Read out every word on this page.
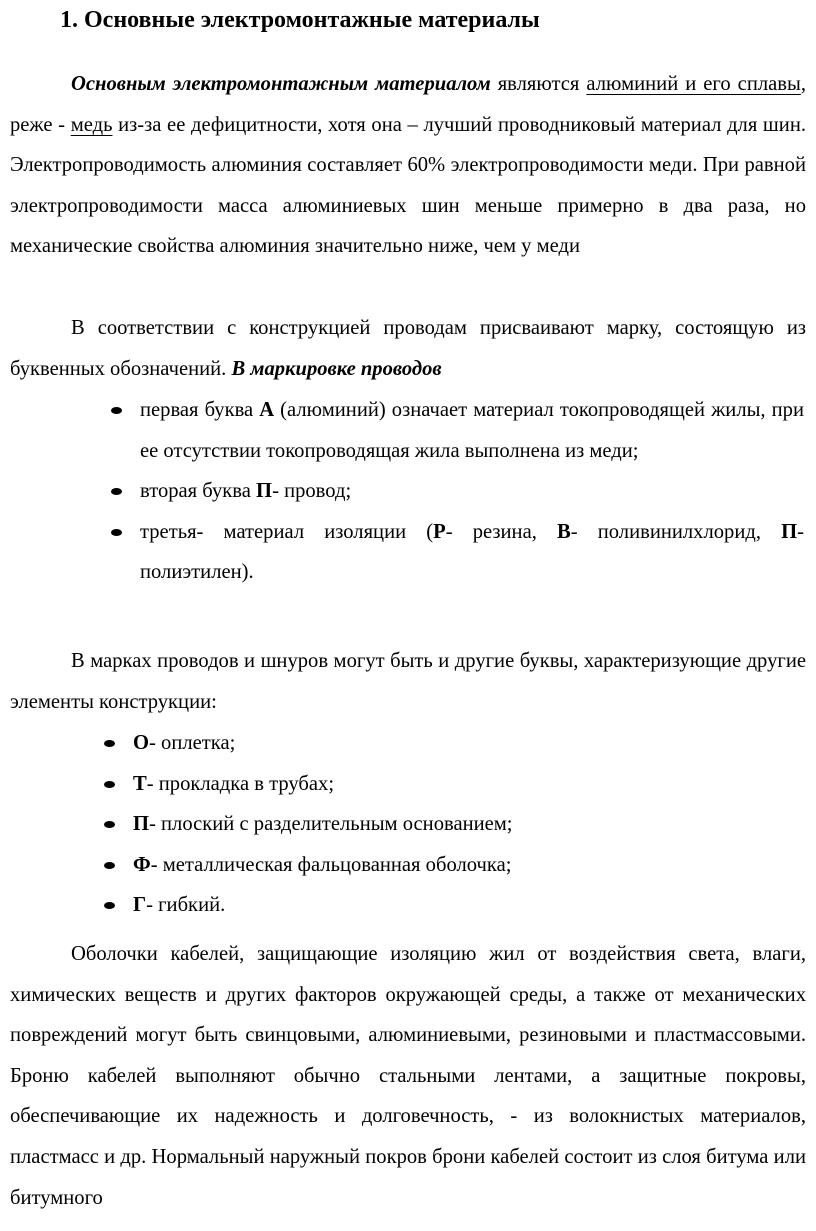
1. Основные электромонтажные материалы

Основным электромонтажным материалом являются алюминий и его сплавы, реже - медь из-за ее дефицитности, хотя она – лучший проводниковый материал для шин. Электропроводимость алюминия составляет 60% электропроводимости меди. При равной электропроводимости масса алюминиевых шин меньше примерно в два раза, но механические свойства алюминия значительно ниже, чем у меди

В соответствии с конструкцией проводам присваивают марку, состоящую из буквенных обозначений. В маркировке проводов

первая буква А (алюминий) означает материал токопроводящей жилы, при ее отсутствии токопроводящая жила выполнена из меди;
вторая буква П- провод;
третья- материал изоляции (Р- резина, В- поливинилхлорид, П- полиэтилен).

В марках проводов и шнуров могут быть и другие буквы, характеризующие другие элементы конструкции:

О- оплетка;
Т- прокладка в трубах;
П- плоский с разделительным основанием;
Ф- металлическая фальцованная оболочка;
Г- гибкий.

Оболочки кабелей, защищающие изоляцию жил от воздействия света, влаги, химических веществ и других факторов окружающей среды, а также от механических повреждений могут быть свинцовыми, алюминиевыми, резиновыми и пластмассовыми. Броню кабелей выполняют обычно стальными лентами, а защитные покровы, обеспечивающие их надежность и долговечность, - из волокнистых материалов, пластмасс и др. Нормальный наружный покров брони кабелей состоит из слоя битума или битумного
